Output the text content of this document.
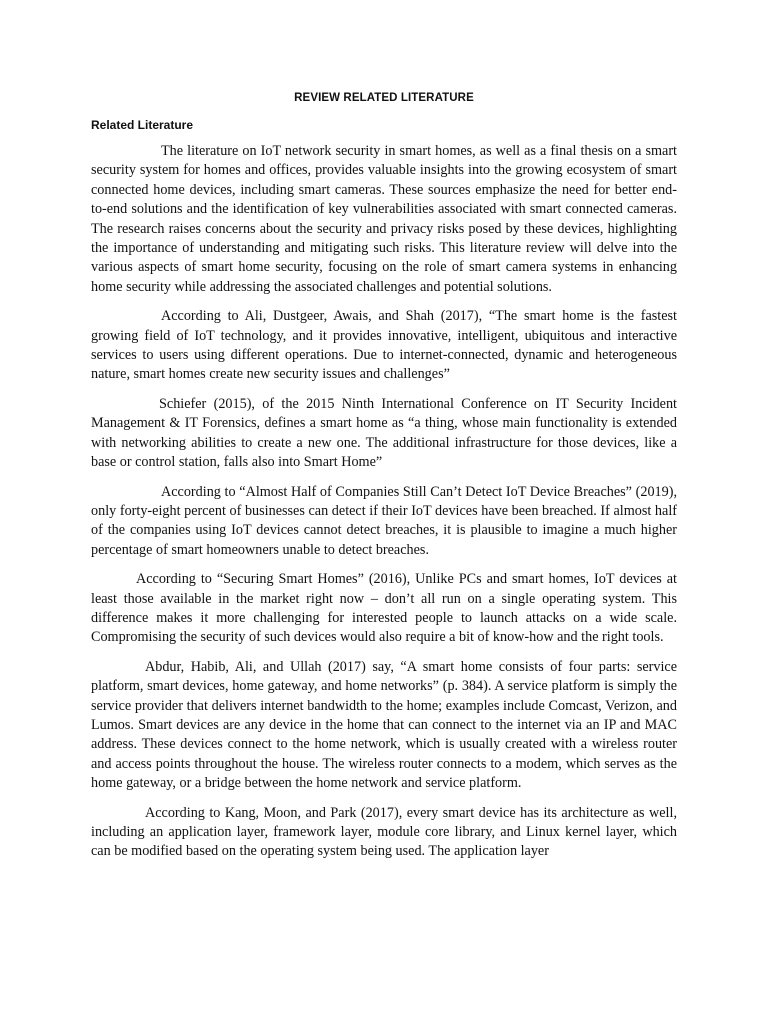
REVIEW RELATED LITERATURE
Related Literature

The literature on IoT network security in smart homes, as well as a final thesis on a smart security system for homes and offices, provides valuable insights into the growing ecosystem of smart connected home devices, including smart cameras. These sources emphasize the need for better end-to-end solutions and the identification of key vulnerabilities associated with smart connected cameras. The research raises concerns about the security and privacy risks posed by these devices, highlighting the importance of understanding and mitigating such risks. This literature review will delve into the various aspects of smart home security, focusing on the role of smart camera systems in enhancing home security while addressing the associated challenges and potential solutions.

According to Ali, Dustgeer, Awais, and Shah (2017), “The smart home is the fastest growing field of IoT technology, and it provides innovative, intelligent, ubiquitous and interactive services to users using different operations. Due to internet-connected, dynamic and heterogeneous nature, smart homes create new security issues and challenges”

Schiefer (2015), of the 2015 Ninth International Conference on IT Security Incident Management & IT Forensics, defines a smart home as “a thing, whose main functionality is extended with networking abilities to create a new one. The additional infrastructure for those devices, like a base or control station, falls also into Smart Home”

According to “Almost Half of Companies Still Can’t Detect IoT Device Breaches” (2019), only forty-eight percent of businesses can detect if their IoT devices have been breached. If almost half of the companies using IoT devices cannot detect breaches, it is plausible to imagine a much higher percentage of smart homeowners unable to detect breaches.

According to “Securing Smart Homes” (2016), Unlike PCs and smart homes, IoT devices at least those available in the market right now – don’t all run on a single operating system. This difference makes it more challenging for interested people to launch attacks on a wide scale. Compromising the security of such devices would also require a bit of know-how and the right tools.

Abdur, Habib, Ali, and Ullah (2017) say, “A smart home consists of four parts: service platform, smart devices, home gateway, and home networks” (p. 384). A service platform is simply the service provider that delivers internet bandwidth to the home; examples include Comcast, Verizon, and Lumos. Smart devices are any device in the home that can connect to the internet via an IP and MAC address. These devices connect to the home network, which is usually created with a wireless router and access points throughout the house. The wireless router connects to a modem, which serves as the home gateway, or a bridge between the home network and service platform.

According to Kang, Moon, and Park (2017), every smart device has its architecture as well, including an application layer, framework layer, module core library, and Linux kernel layer, which can be modified based on the operating system being used. The application layer
